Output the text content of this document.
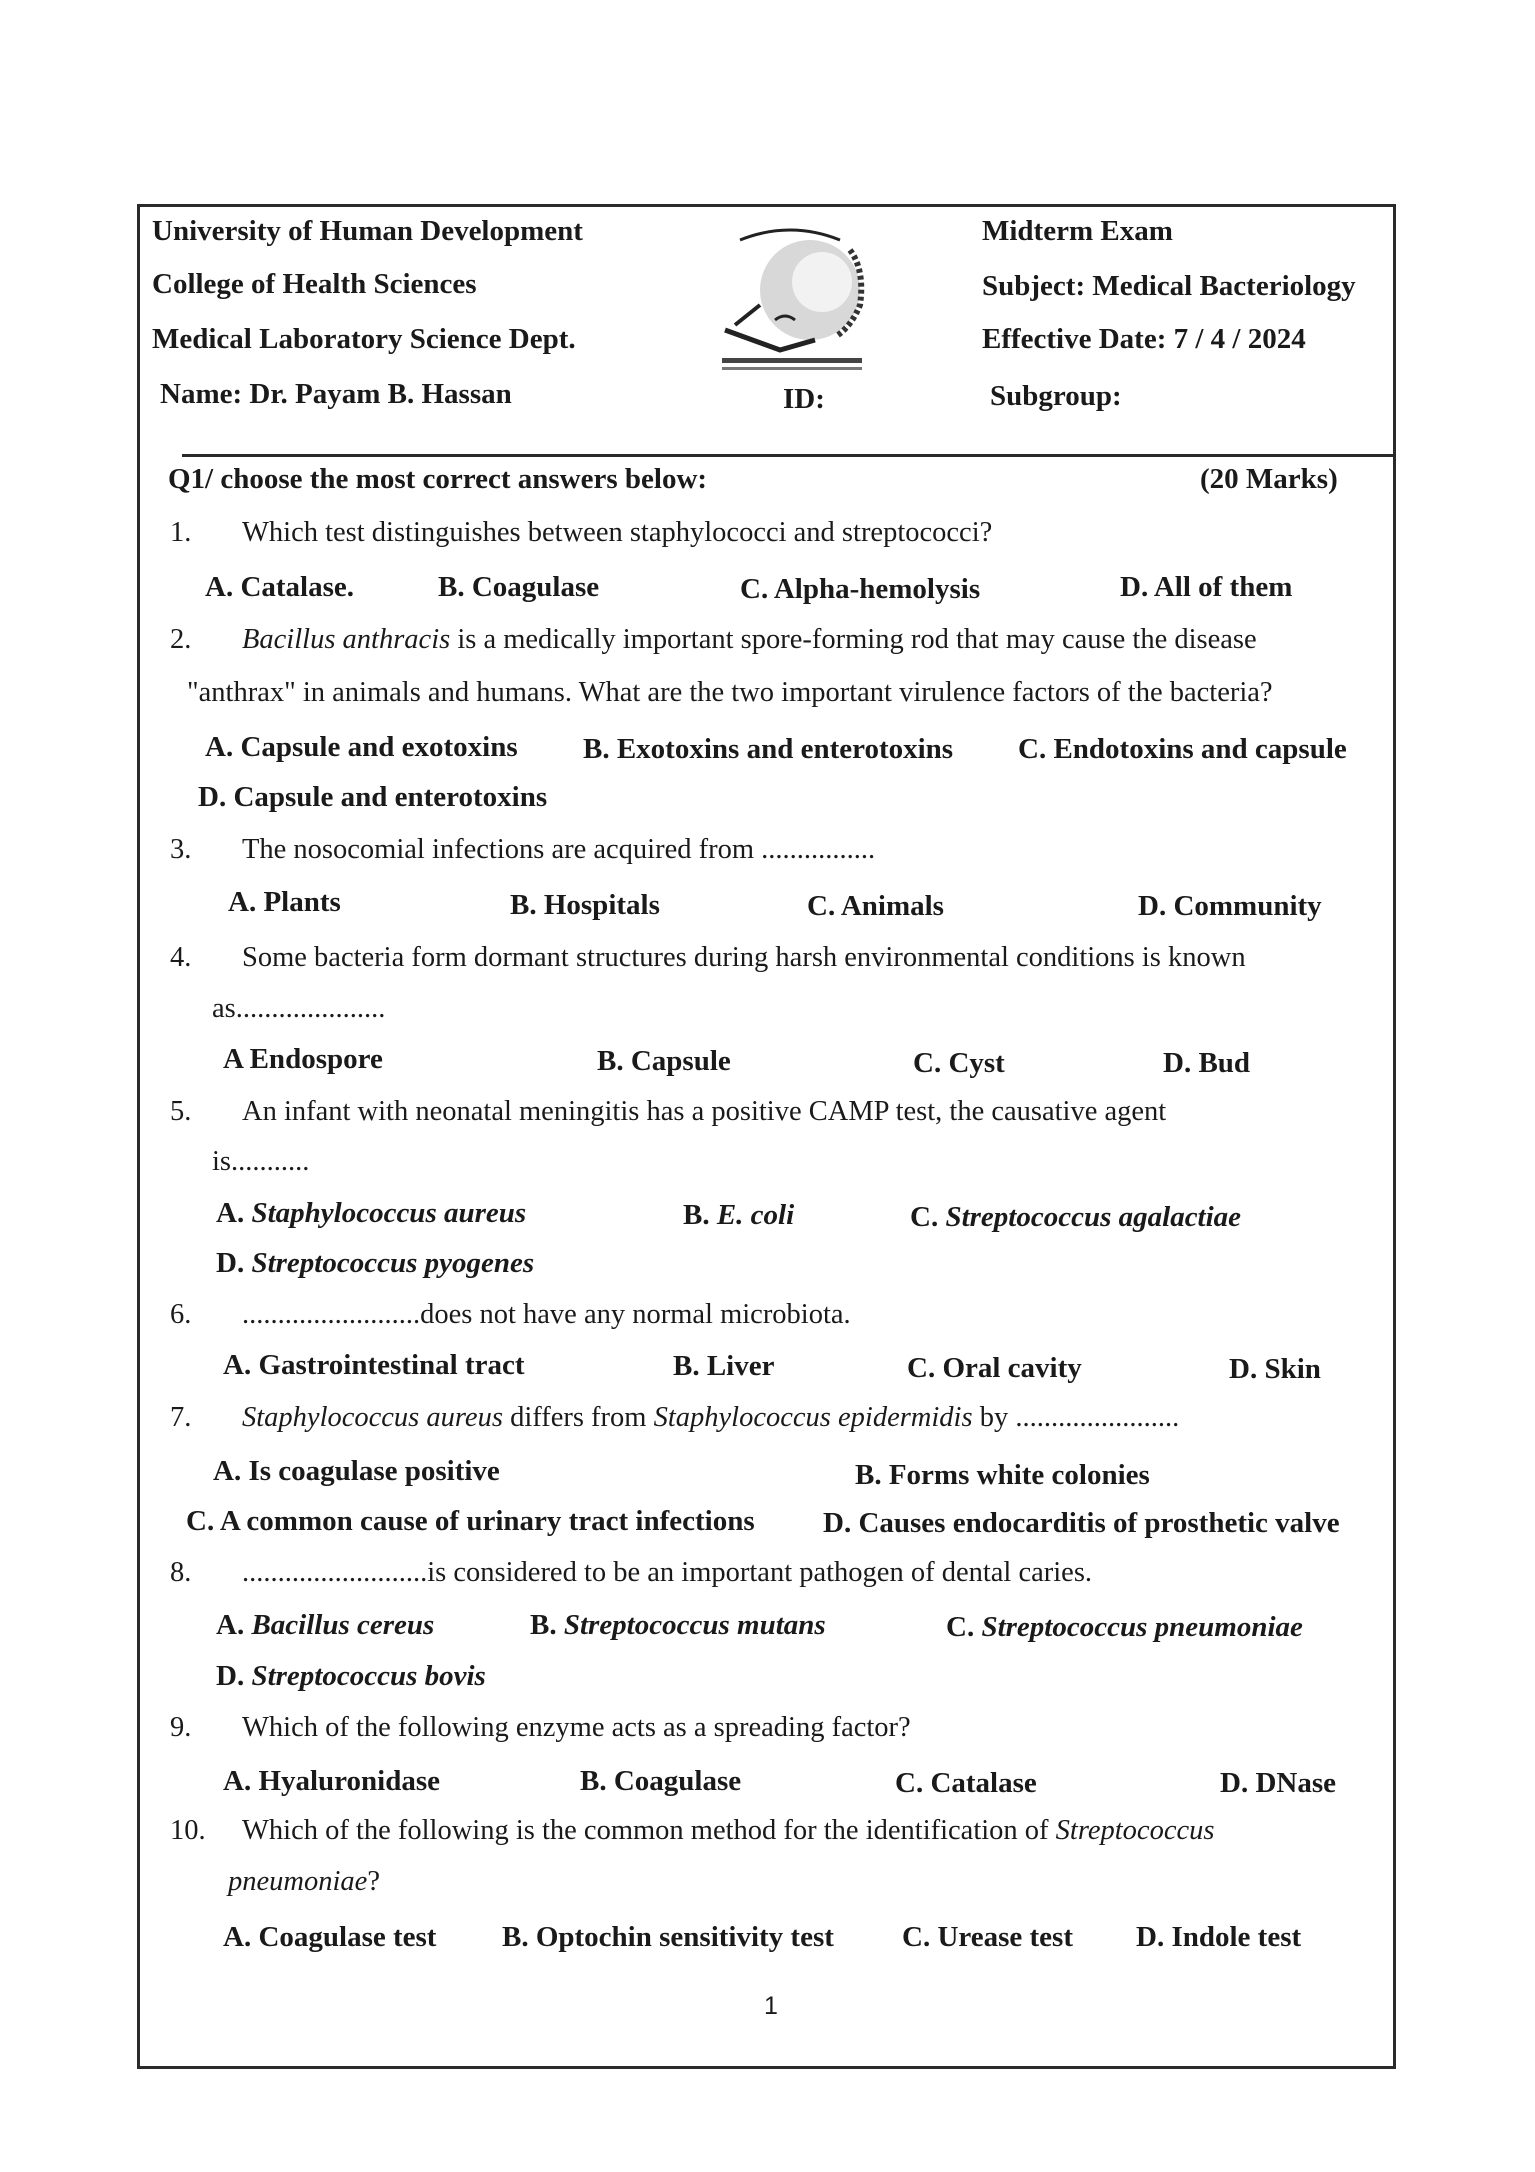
University of Human Development
College of Health Sciences
Medical Laboratory Science Dept.
Name: Dr. Payam B. Hassan	ID:
Midterm Exam
Subject: Medical Bacteriology
Effective Date: 7 / 4 / 2024
Subgroup:
Q1/ choose the most correct answers below:	(20 Marks)
1. Which test distinguishes between staphylococci and streptococci?
A. Catalase.	B. Coagulase	C. Alpha-hemolysis	D. All of them
2. Bacillus anthracis is a medically important spore-forming rod that may cause the disease
"anthrax" in animals and humans. What are the two important virulence factors of the bacteria?
A. Capsule and exotoxins B. Exotoxins and enterotoxins C. Endotoxins and capsule
D. Capsule and enterotoxins
3. The nosocomial infections are acquired from ................
A. Plants	B. Hospitals	C. Animals	D. Community
4. Some bacteria form dormant structures during harsh environmental conditions is known
as.....................
A Endospore	B. Capsule	C. Cyst	D. Bud
5. An infant with neonatal meningitis has a positive CAMP test, the causative agent
is...........
A. Staphylococcus aureus	B. E. coli	C. Streptococcus agalactiae
D. Streptococcus pyogenes
6. .........................does not have any normal microbiota.
A. Gastrointestinal tract	B. Liver	C. Oral cavity	D. Skin
7. Staphylococcus aureus differs from Staphylococcus epidermidis by .......................
A. Is coagulase positive	B. Forms white colonies
C. A common cause of urinary tract infections D. Causes endocarditis of prosthetic valve
8. ..........................is considered to be an important pathogen of dental caries.
A. Bacillus cereus	B. Streptococcus mutans	C. Streptococcus pneumoniae
D. Streptococcus bovis
9. Which of the following enzyme acts as a spreading factor?
A. Hyaluronidase	B. Coagulase	C. Catalase	D. DNase
10. Which of the following is the common method for the identification of Streptococcus
pneumoniae?
A. Coagulase test B. Optochin sensitivity test C. Urease test D. Indole test
1
